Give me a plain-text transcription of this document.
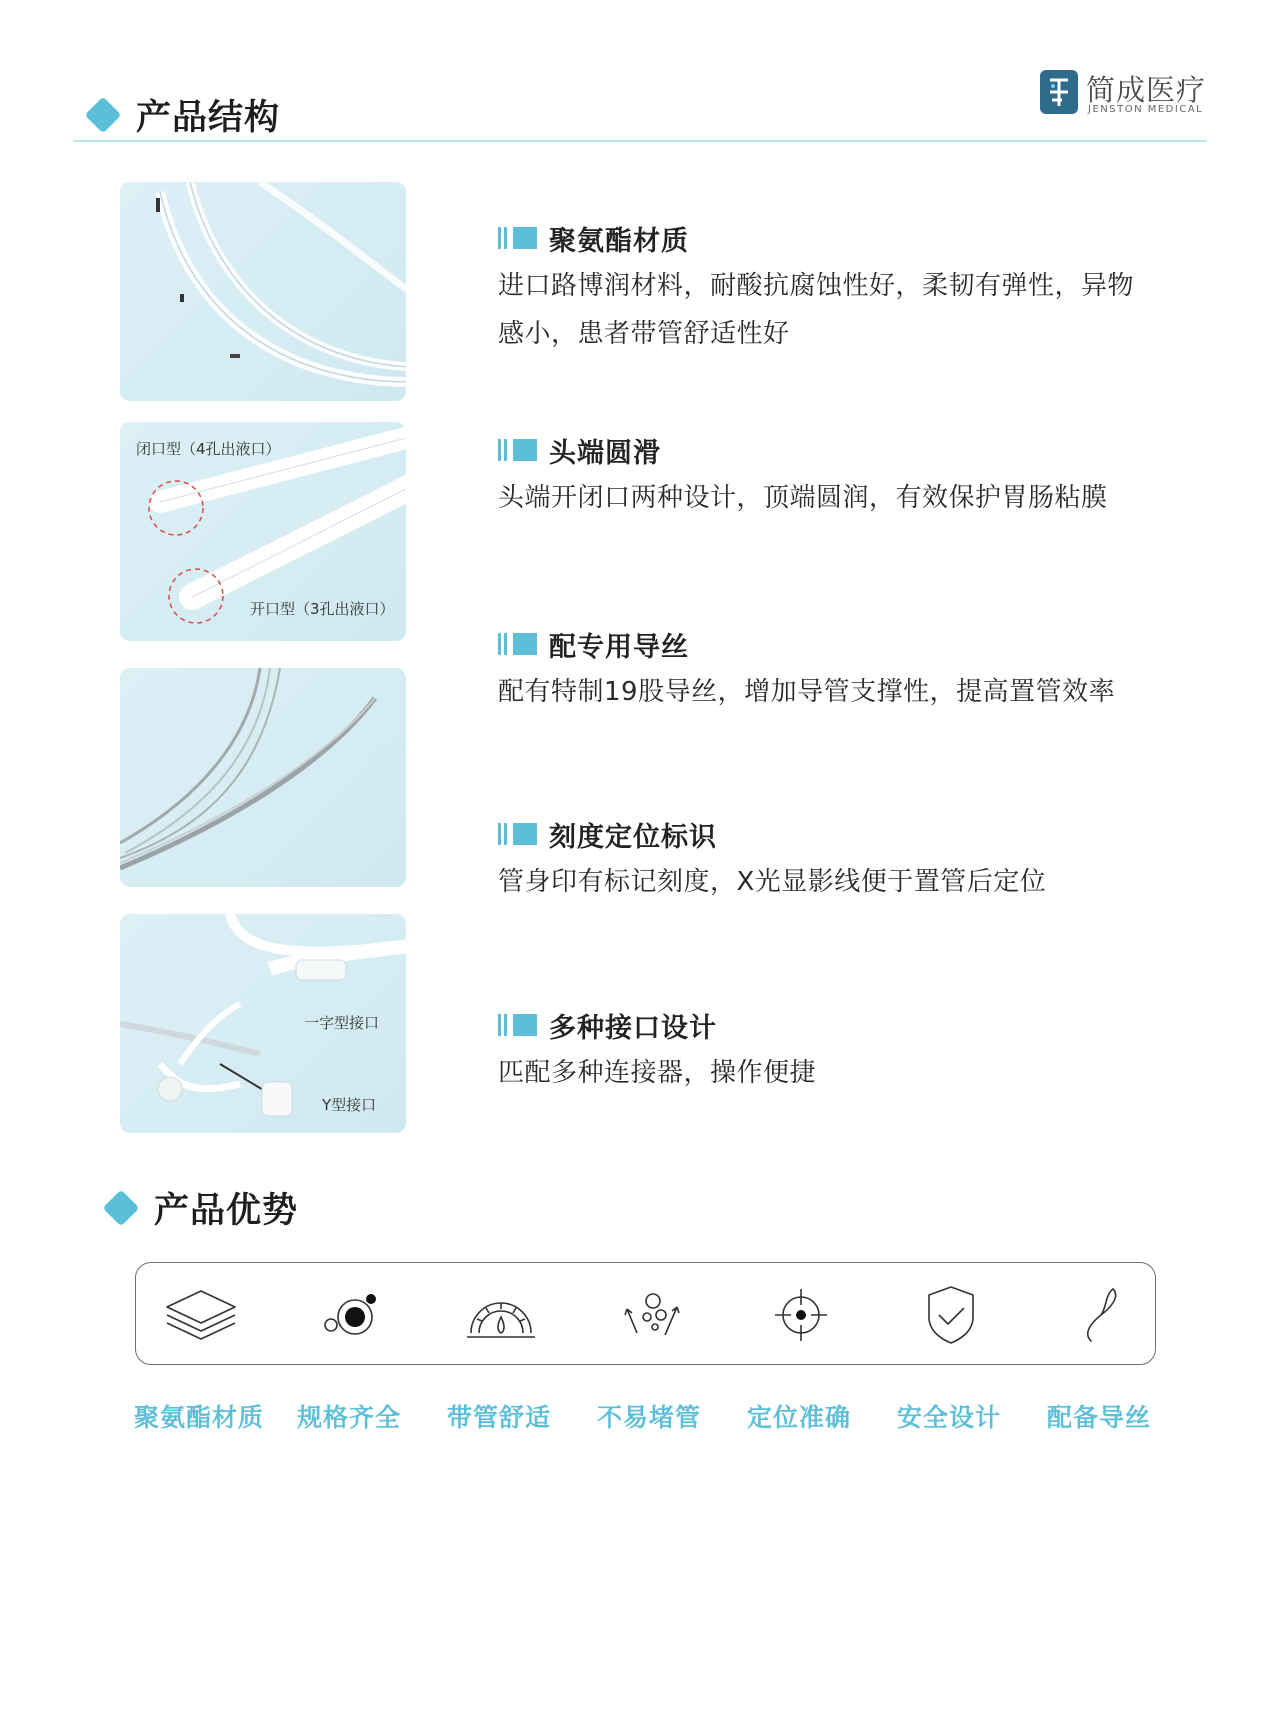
产品结构
简成医疗
JENSTON MEDICAL
闭口型（4孔出液口）
开口型（3孔出液口）
一字型接口
Y型接口
聚氨酯材质
进口路博润材料，耐酸抗腐蚀性好，柔韧有弹性，异物
感小，患者带管舒适性好
头端圆滑
头端开闭口两种设计，顶端圆润，有效保护胃肠粘膜
配专用导丝
配有特制19股导丝，增加导管支撑性，提高置管效率
刻度定位标识
管身印有标记刻度，X光显影线便于置管后定位
多种接口设计
匹配多种连接器，操作便捷
产品优势
聚氨酯材质	规格齐全	带管舒适	不易堵管	定位准确	安全设计	配备导丝
